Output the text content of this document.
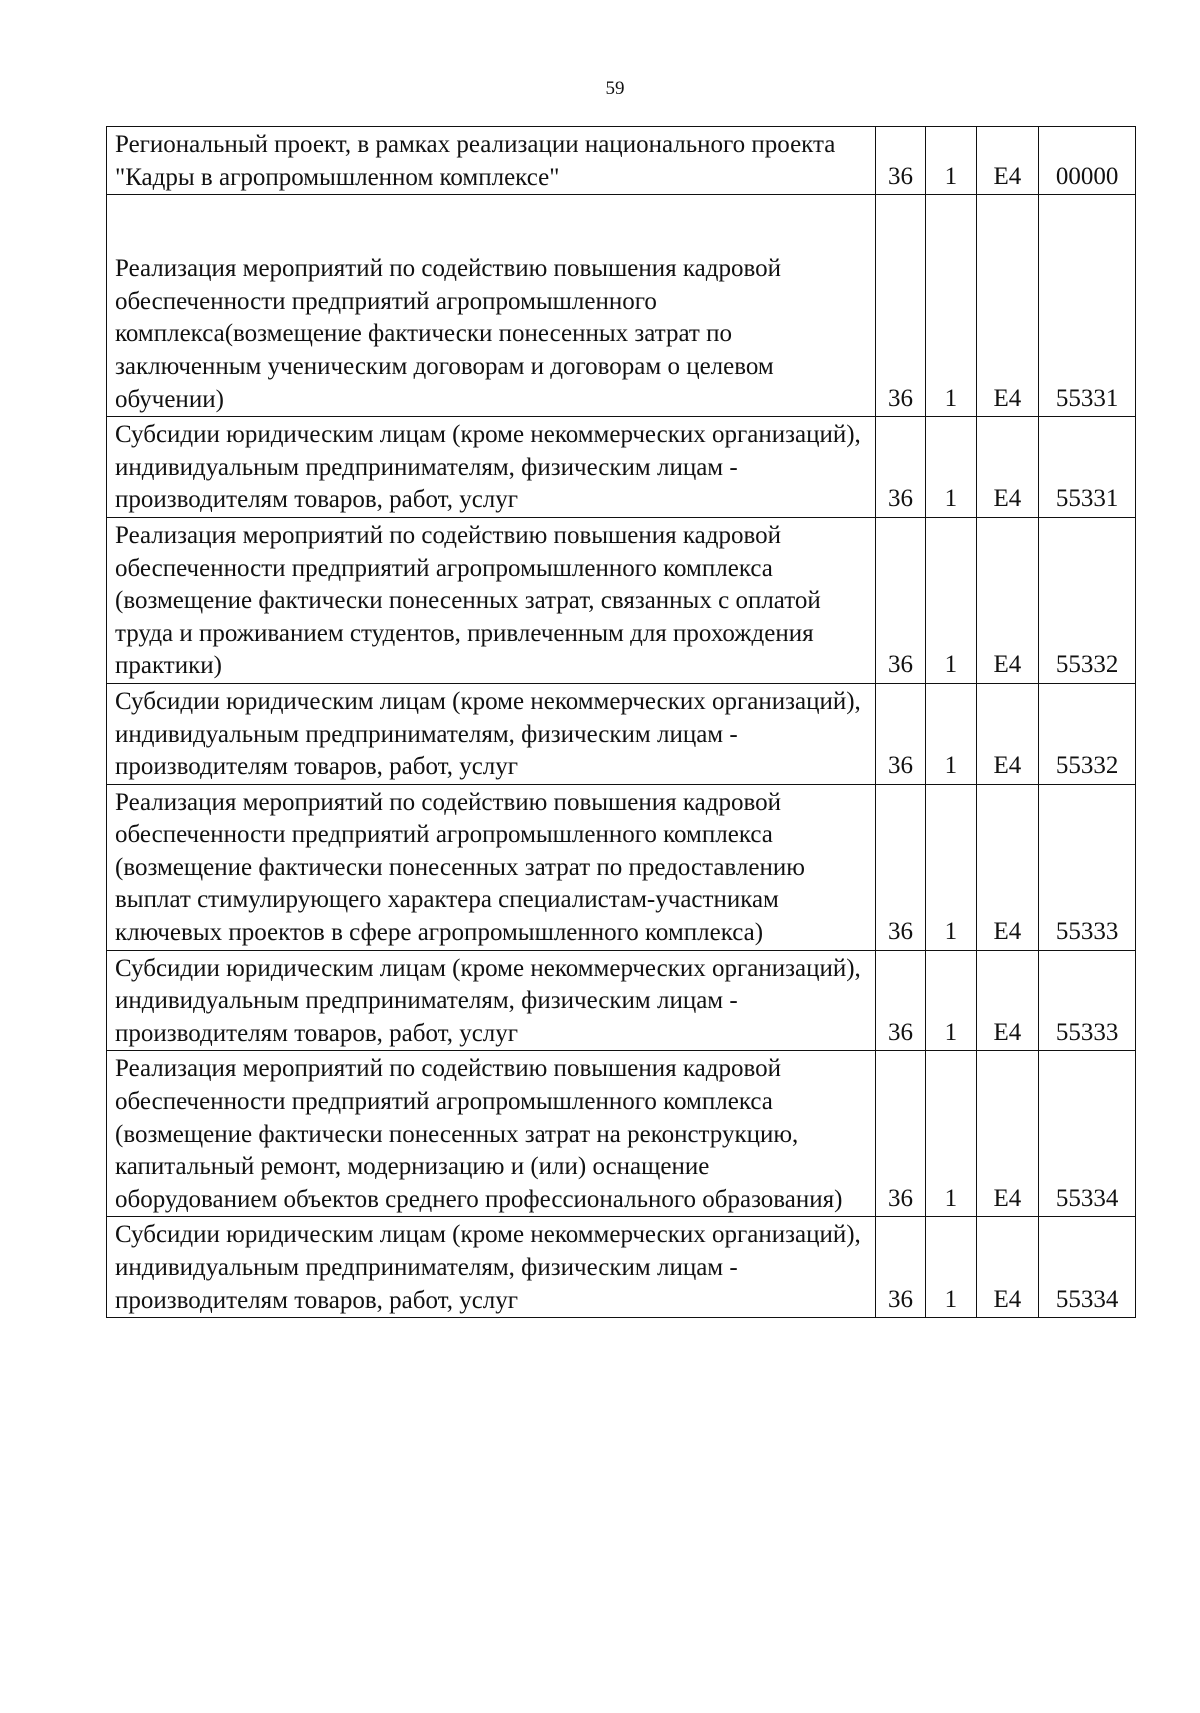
59
Региональный проект, в рамках реализации национального проекта "Кадры в агропромышленном комплексе"	36	1	Е4	00000
Реализация мероприятий по содействию повышения кадровой обеспеченности предприятий агропромышленного комплекса(возмещение фактически понесенных затрат по заключенным ученическим договорам и договорам о целевом обучении)	36	1	Е4	55331
Субсидии юридическим лицам (кроме некоммерческих организаций), индивидуальным предпринимателям, физическим лицам - производителям товаров, работ, услуг	36	1	Е4	55331
Реализация мероприятий по содействию повышения кадровой обеспеченности предприятий агропромышленного комплекса
(возмещение фактически понесенных затрат, связанных с оплатой труда и проживанием студентов, привлеченным для прохождения практики)	36	1	Е4	55332
Субсидии юридическим лицам (кроме некоммерческих организаций), индивидуальным предпринимателям, физическим лицам - производителям товаров, работ, услуг	36	1	Е4	55332
Реализация мероприятий по содействию повышения кадровой обеспеченности предприятий агропромышленного комплекса (возмещение фактически понесенных затрат по предоставлению выплат стимулирующего характера специалистам-участникам ключевых проектов в сфере агропромышленного комплекса)	36	1	Е4	55333
Субсидии юридическим лицам (кроме некоммерческих организаций), индивидуальным предпринимателям, физическим лицам - производителям товаров, работ, услуг	36	1	Е4	55333
Реализация мероприятий по содействию повышения кадровой обеспеченности предприятий агропромышленного комплекса
(возмещение фактически понесенных затрат на реконструкцию, капитальный ремонт, модернизацию и (или) оснащение оборудованием объектов среднего профессионального образования)	36	1	Е4	55334
Субсидии юридическим лицам (кроме некоммерческих организаций), индивидуальным предпринимателям, физическим лицам - производителям товаров, работ, услуг	36	1	Е4	55334
